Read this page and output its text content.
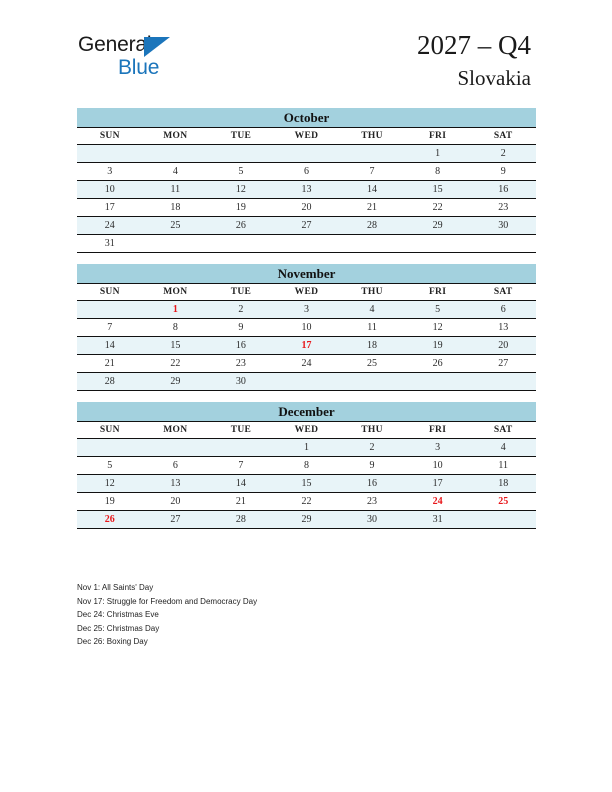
General
Blue
2027 – Q4
Slovakia
October
SUN	MON	TUE	WED	THU	FRI	SAT
					1	2
3	4	5	6	7	8	9
10	11	12	13	14	15	16
17	18	19	20	21	22	23
24	25	26	27	28	29	30
31						
November
SUN	MON	TUE	WED	THU	FRI	SAT
	1	2	3	4	5	6
7	8	9	10	11	12	13
14	15	16	17	18	19	20
21	22	23	24	25	26	27
28	29	30				
December
SUN	MON	TUE	WED	THU	FRI	SAT
			1	2	3	4
5	6	7	8	9	10	11
12	13	14	15	16	17	18
19	20	21	22	23	24	25
26	27	28	29	30	31	
Nov 1: All Saints' Day
Nov 17: Struggle for Freedom and Democracy Day
Dec 24: Christmas Eve
Dec 25: Christmas Day
Dec 26: Boxing Day
